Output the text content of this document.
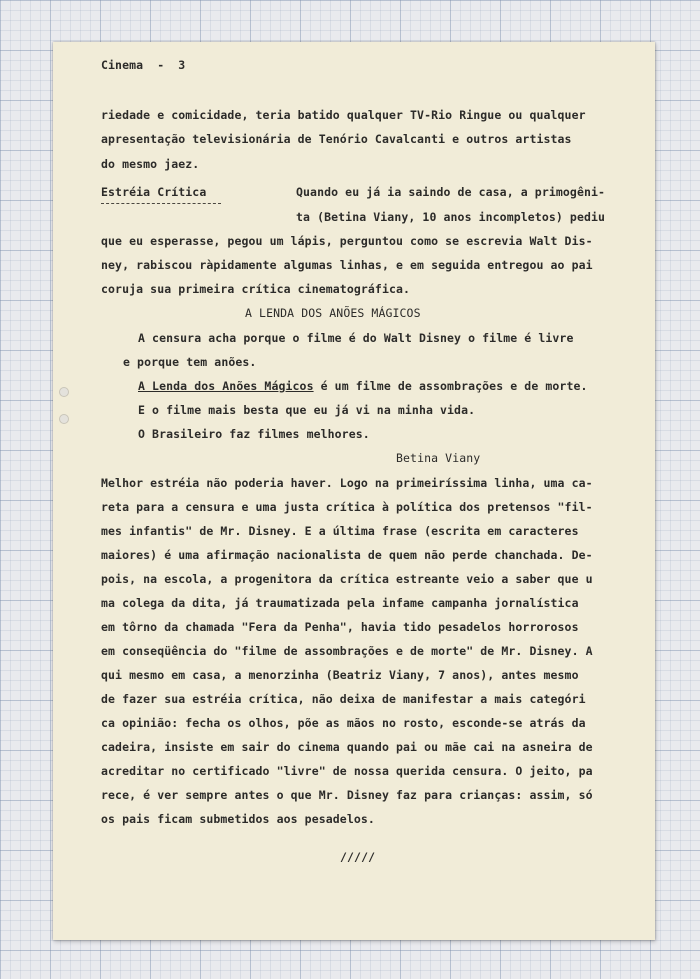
Cinema  -  3
riedade e comicidade, teria batido qualquer TV-Rio Ringue ou qualquer
apresentação televisionária de Tenório Cavalcanti e outros artistas
do mesmo jaez.
Estréia Crítica	Quando eu já ia saindo de casa, a primogêni-
ta (Betina Viany, 10 anos incompletos) pediu
que eu esperasse, pegou um lápis, perguntou como se escrevia Walt Dis-
ney, rabiscou ràpidamente algumas linhas, e em seguida entregou ao pai
coruja sua primeira crítica cinematográfica.
A LENDA DOS ANÕES MÁGICOS
A censura acha porque o filme é do Walt Disney o filme é livre
e porque tem anões.
A Lenda dos Anões Mágicos é um filme de assombrações e de morte.
E o filme mais besta que eu já vi na minha vida.
O Brasileiro faz filmes melhores.
Betina Viany
Melhor estréia não poderia haver. Logo na primeiríssima linha, uma ca-
reta para a censura e uma justa crítica à política dos pretensos "fil-
mes infantis" de Mr. Disney. E a última frase (escrita em caracteres
maiores) é uma afirmação nacionalista de quem não perde chanchada. De-
pois, na escola, a progenitora da crítica estreante veio a saber que u
ma colega da dita, já traumatizada pela infame campanha jornalística
em tôrno da chamada "Fera da Penha", havia tido pesadelos horrorosos
em conseqüência do "filme de assombrações e de morte" de Mr. Disney. A
qui mesmo em casa, a menorzinha (Beatriz Viany, 7 anos), antes mesmo
de fazer sua estréia crítica, não deixa de manifestar a mais categóri
ca opinião: fecha os olhos, põe as mãos no rosto, esconde-se atrás da
cadeira, insiste em sair do cinema quando pai ou mãe cai na asneira de
acreditar no certificado "livre" de nossa querida censura. O jeito, pa
rece, é ver sempre antes o que Mr. Disney faz para crianças: assim, só
os pais ficam submetidos aos pesadelos.
/////
